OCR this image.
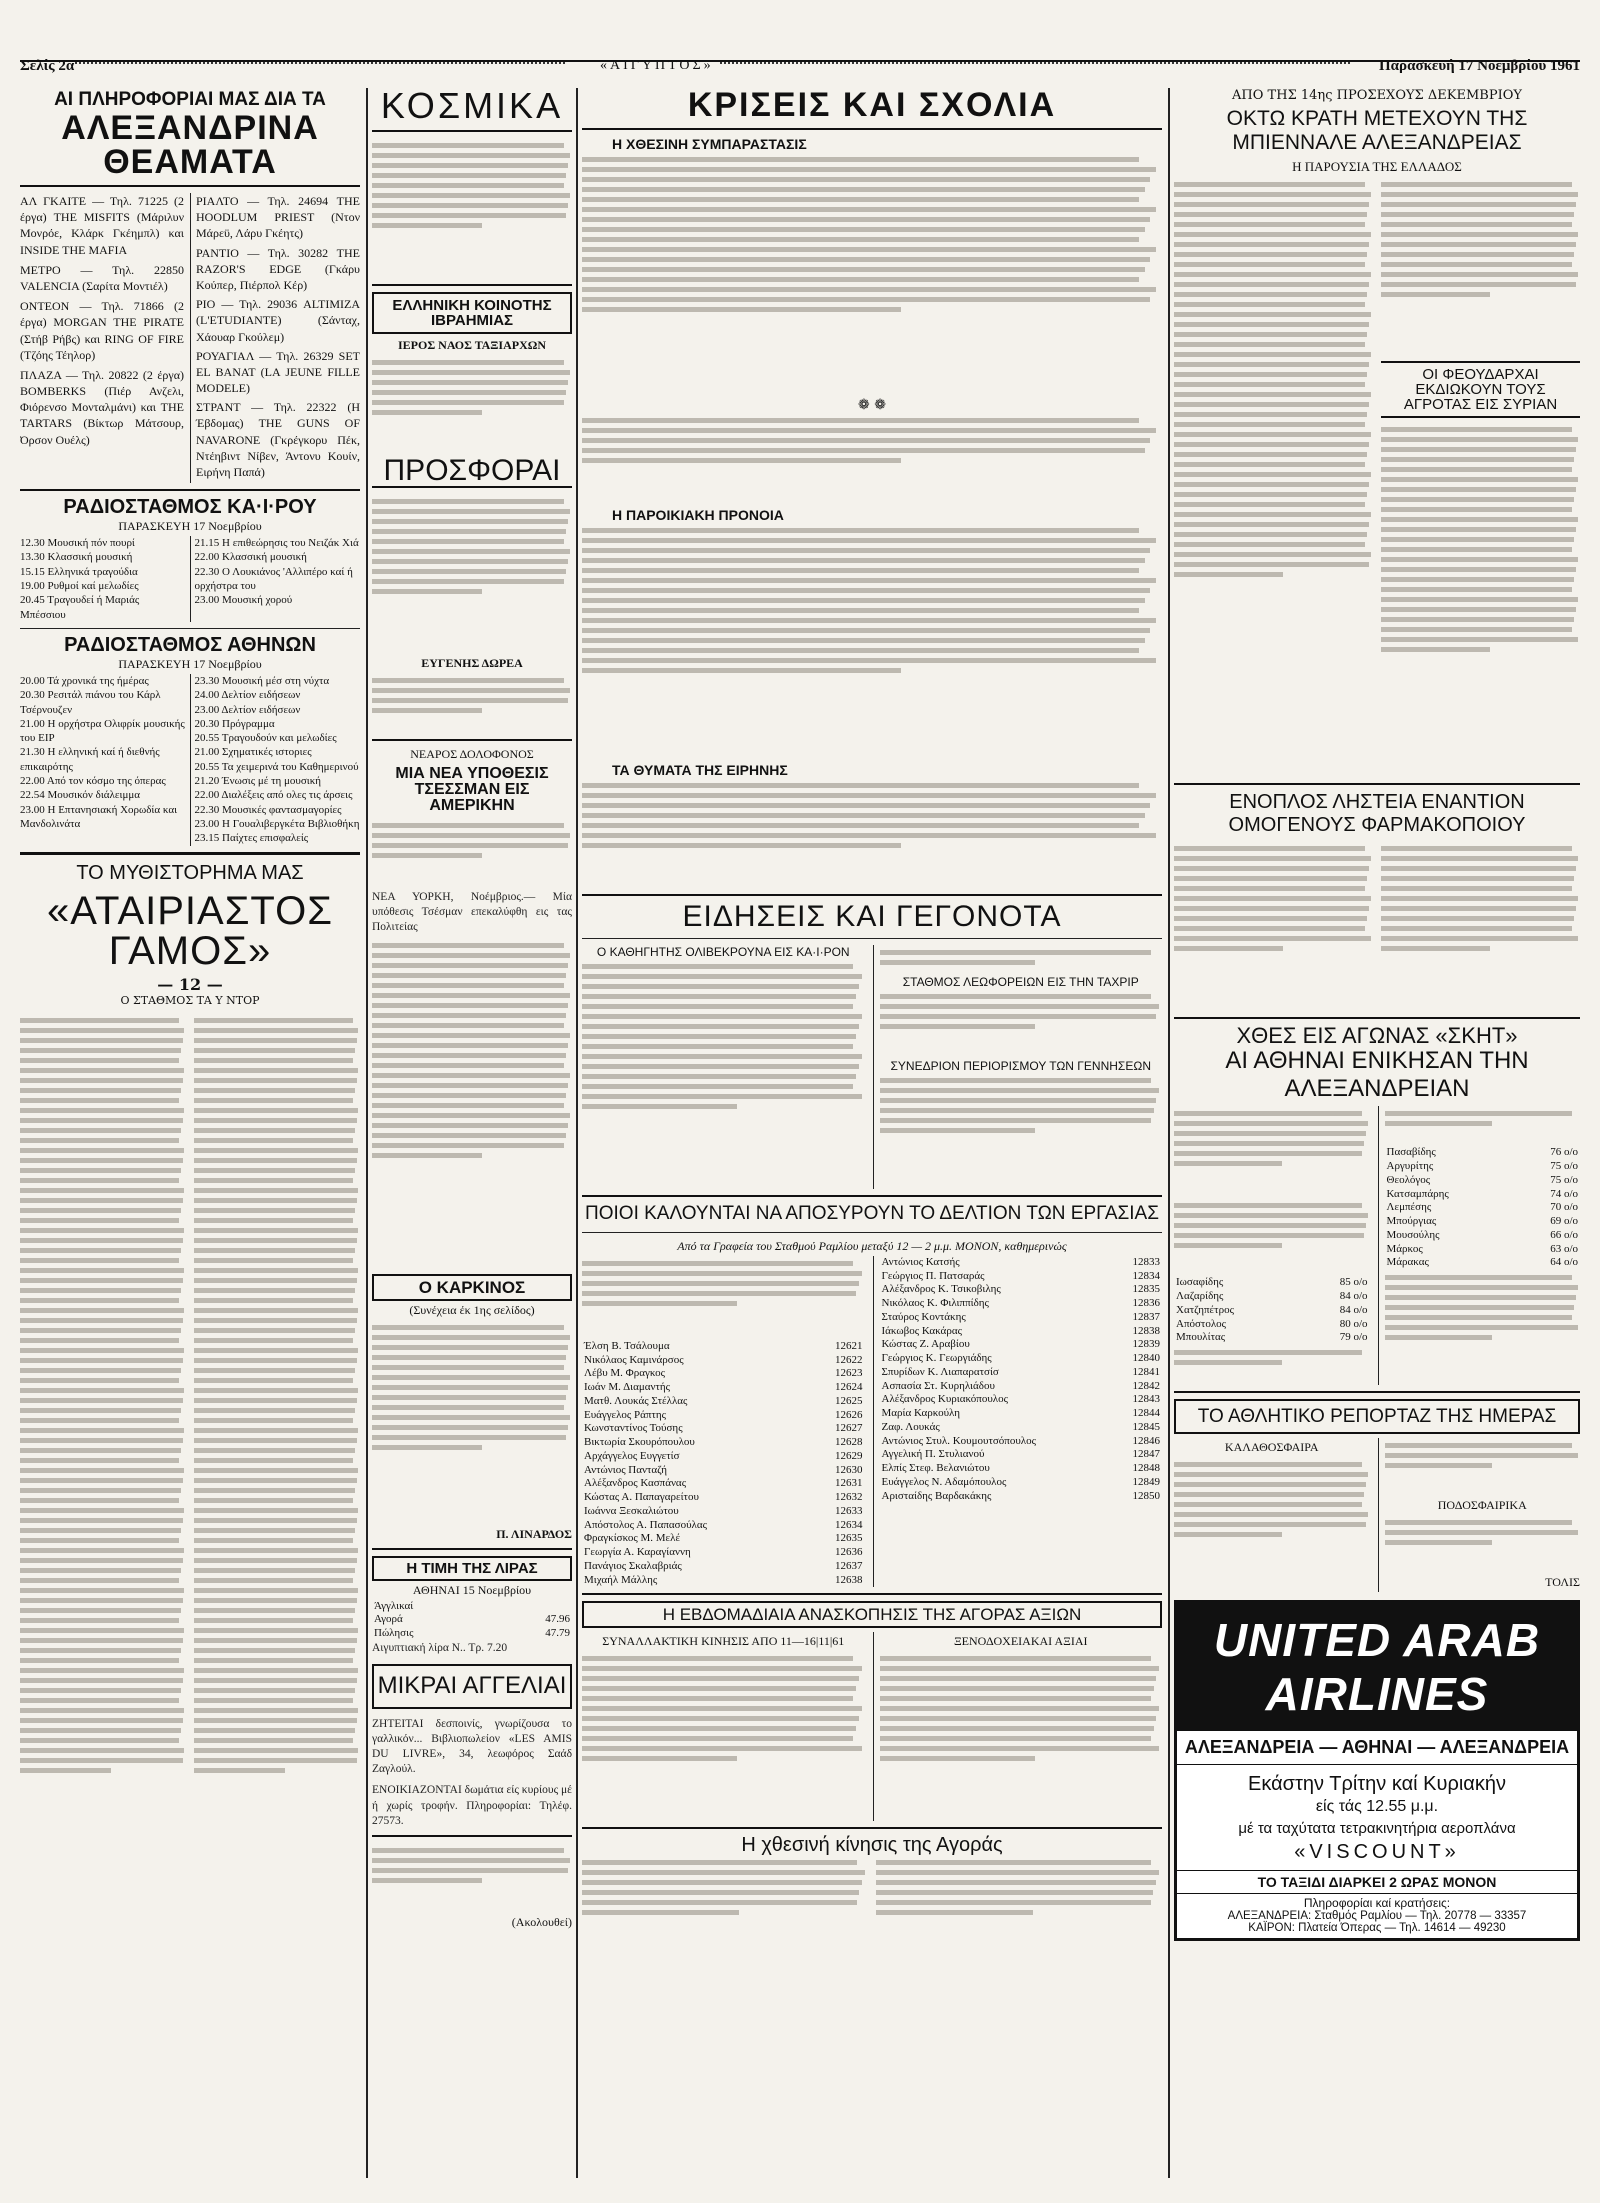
Σελίς 2α	«ΑΙΓΥΠΤΟΣ»	Παρασκευή 17 Νοεμβρίου 1961
ΑΙ ΠΛΗΡΟΦΟΡΙΑΙ ΜΑΣ ΔΙΑ ΤΑ
ΑΛΕΞΑΝΔΡΙΝΑ ΘΕΑΜΑΤΑ

ΑΛ ΓΚΑΙΤΕ — Τηλ. 71225 (2 έργα) THE MISFITS (Μάριλυν Μονρόε, Κλάρκ Γκέημπλ) και INSIDE THE MAFIA

ΜΕΤΡΟ — Τηλ. 22850 VALENCIA (Σαρίτα Μοντιέλ)

ΟΝΤΕΟΝ — Τηλ. 71866 (2 έργα) MORGAN THE PIRATE (Στήβ Ρήβς) και RING OF FIRE (Τζόης Τέηλορ)

ΠΛΑΖΑ — Τηλ. 20822 (2 έργα) BOMBERKS (Πιέρ Ανζελι, Φιόρενσο Μονταλμάνι) και THE TARTARS (Βίκτωρ Μάτσουρ, Όρσον Ουέλς)

ΡΙΑΛΤΟ — Τηλ. 24694 THE HOODLUM PRIEST (Ντον Μάρεϋ, Λάρυ Γκέητς)

ΡΑΝΤΙΟ — Τηλ. 30282 THE RAZOR'S EDGE (Γκάρυ Κούπερ, Πιέρπολ Κέρ)

ΡΙΟ — Τηλ. 29036 ALTIMIZA (L'ETUDIANTE) (Σάνταχ, Χάουαρ Γκούλεμ)

ΡΟΥΑΓΙΑΛ — Τηλ. 26329 SET EL BANAT (LA JEUNE FILLE MODELE)

ΣΤΡΑΝΤ — Τηλ. 22322 (Η Έβδομας) THE GUNS OF NAVARONE (Γκρέγκορυ Πέκ, Ντέηβιντ Νίβεν, Άντονυ Κουίν, Ειρήνη Παπά)

ΡΑΔΙΟΣΤΑΘΜΟΣ ΚΑ·Ι·ΡΟΥ
ΠΑΡΑΣΚΕΥΗ 17 Νοεμβρίου
12.30 Μουσική πόν πουρί
13.30 Κλασσική μουσική
15.15 Ελληνικά τραγούδια
19.00 Ρυθμοί καί μελωδίες
20.45 Τραγουδεί ή Μαριάς Μπέσσιου
21.15 Η επιθεώρησις του Νειζάκ Χιά
22.00 Κλασσική μουσική
22.30 Ο Λουκιάνος 'Αλλιπέρο καί ή ορχήστρα του
23.00 Μουσική χορού
ΡΑΔΙΟΣΤΑΘΜΟΣ ΑΘΗΝΩΝ
ΠΑΡΑΣΚΕΥΗ 17 Νοεμβρίου
20.00 Τά χρονικά της ήμέρας
20.30 Ρεσιτάλ πιάνου του Κάρλ Τσέρνουζεν
21.00 Η ορχήστρα Ολιφρίκ μουσικής του ΕΙΡ
21.30 Η ελληνική καί ή διεθνής επικαιρότης
22.00 Από τον κόσμο της όπερας
22.54 Μουσικόν διάλειμμα
23.00 Η Επτανησιακή Χορωδία και Μανδολινάτα
23.30 Μουσική μέσ στη νύχτα
24.00 Δελτίον ειδήσεων
23.00 Δελτίον ειδήσεων
20.30 Πρόγραμμα
20.55 Τραγουδούν και μελωδίες
21.00 Σχηματικές ιστοριες
20.55 Τα χειμερινά του Καθημερινού
21.20 Ένωσις μέ τη μουσική
22.00 Διαλέξεις από ολες τις άρσεις
22.30 Μουσικές φαντασμαγορίες
23.00 Η Γουαλιβεργκέτα Βιβλιοθήκη
23.15 Παίχτες επισφαλείς
ΤΟ ΜΥΘΙΣΤΟΡΗΜΑ ΜΑΣ
«ΑΤΑΙΡΙΑΣΤΟΣ ΓΑΜΟΣ»
— 12 —
Ο ΣΤΑΘΜΟΣ ΤΑ Υ ΝΤΟΡ
ΚΟΣΜΙΚΑ
ΕΛΛΗΝΙΚΗ ΚΟΙΝΟΤΗΣ ΙΒΡΑΗΜΙΑΣ
ΙΕΡΟΣ ΝΑΟΣ ΤΑΞΙΑΡΧΩΝ
ΠΡΟΣΦΟΡΑΙ
ΕΥΓΕΝΗΣ ΔΩΡΕΑ
ΝΕΑΡΟΣ ΔΟΛΟΦΟΝΟΣ
ΜΙΑ ΝΕΑ ΥΠΟΘΕΣΙΣ ΤΣΕΣΣΜΑΝ ΕΙΣ ΑΜΕΡΙΚΗΝ
ΝΕΑ ΥΟΡΚΗ, Νοέμβριος.— Μία υπόθεσις Τσέσμαν επεκαλύφθη εις τας Πολιτείας
Ο ΚΑΡΚΙΝΟΣ
(Συνέχεια έκ 1ης σελίδος)
Π. ΛΙΝΑΡΔΟΣ
Η ΤΙΜΗ ΤΗΣ ΛΙΡΑΣ
ΑΘΗΝΑΙ 15 Νοεμβρίου
Άγγλικαί	
Αγορά	47.96
Πώλησις	47.79
Αιγυπτιακή λίρα Ν.. Τρ. 7.20
ΜΙΚΡΑΙ ΑΓΓΕΛΙΑΙ
ΖΗΤΕΙΤΑΙ δεσποινίς, γνωρίζουσα το γαλλικόν... Βιβλιοπωλείον «LES AMIS DU LIVRE», 34, λεωφόρος Σαάδ Ζαγλούλ.
ΕΝΟΙΚΙΑΖΟΝΤΑΙ δωμάτια είς κυρίους μέ ή χωρίς τροφήν. Πληροφορίαι: Τηλέφ. 27573.
(Ακολουθεί)
ΚΡΙΣΕΙΣ ΚΑΙ ΣΧΟΛΙΑ
Η ΧΘΕΣΙΝΗ ΣΥΜΠΑΡΑΣΤΑΣΙΣ
❁ ❁
Η ΠΑΡΟΙΚΙΑΚΗ ΠΡΟΝΟΙΑ
ΤΑ ΘΥΜΑΤΑ ΤΗΣ ΕΙΡΗΝΗΣ
ΕΙΔΗΣΕΙΣ ΚΑΙ ΓΕΓΟΝΟΤΑ
Ο ΚΑΘΗΓΗΤΗΣ ΟΛΙΒΕΚΡΟΥΝΑ ΕΙΣ ΚΑ·Ι·ΡΟΝ
ΣΤΑΘΜΟΣ ΛΕΩΦΟΡΕΙΩΝ ΕΙΣ ΤΗΝ ΤΑΧΡΙΡ
ΣΥΝΕΔΡΙΟΝ ΠΕΡΙΟΡΙΣΜΟΥ ΤΩΝ ΓΕΝΝΗΣΕΩΝ
ΠΟΙΟΙ ΚΑΛΟΥΝΤΑΙ ΝΑ ΑΠΟΣΥΡΟΥΝ ΤΟ ΔΕΛΤΙΟΝ ΤΩΝ ΕΡΓΑΣΙΑΣ
Από τα Γραφεία του Σταθμού Ραμλίου μεταξύ 12 — 2 μ.μ. ΜΟΝΟΝ, καθημερινώς
Έλση Β. Τσάλουμα	12621
Νικόλαος Καμινάρσος	12622
Λέβυ Μ. Φραγκος	12623
Ιωάν Μ. Διαμαντής	12624
Ματθ. Λουκάς Στέλλας	12625
Ευάγγελος Ράπτης	12626
Κωνσταντίνος Τούσης	12627
Βικτωρία Σκουρόπουλου	12628
Αρχάγγελος Ευγγετίσ	12629
Αντώνιος Πανταζή	12630
Αλέξανδρος Κασπάνας	12631
Κώστας Α. Παπαγαρείτου	12632
Ιωάννα Ξεσκαλιώτου	12633
Απόστολος Α. Παπασούλας	12634
Φραγκίσκος Μ. Μελέ	12635
Γεωργία Α. Καραγίαννη	12636
Πανάγιος Σκαλαβριάς	12637
Μιχαήλ Μάλλης	12638
Αντώνιος Κατσής	12833
Γεώργιος Π. Πατσαράς	12834
Αλέξανδρος Κ. Τσικοβιλης	12835
Νικόλαος Κ. Φιλιππίδης	12836
Σταύρος Κοντάκης	12837
Ιάκωβος Κακάρας	12838
Κώστας Ζ. Αραβίου	12839
Γεώργιος Κ. Γεωργιάδης	12840
Σπυρίδων Κ. Λιαπαρατσίσ	12841
Ασπασία Στ. Κυρηλιάδου	12842
Αλέξανδρος Κυριακόπουλος	12843
Μαρία Καρκούλη	12844
Ζαφ. Λουκάς	12845
Αντώνιος Στυλ. Κουμουτσόπουλος	12846
Αγγελική Π. Στυλιανού	12847
Ελπίς Στεφ. Βελανιώτου	12848
Ευάγγελος Ν. Αδαμόπουλος	12849
Αρισταίδης Βαρδακάκης	12850
Η ΕΒΔΟΜΑΔΙΑΙΑ ΑΝΑΣΚΟΠΗΣΙΣ ΤΗΣ ΑΓΟΡΑΣ ΑΞΙΩΝ
ΣΥΝΑΛΛΑΚΤΙΚΗ ΚΙΝΗΣΙΣ ΑΠΟ 11—16|11|61	ΞΕΝΟΔΟΧΕΙΑΚΑΙ ΑΞΙΑΙ
Η χθεσινή κίνησις της Αγοράς
ΑΠΟ ΤΗΣ 14ης ΠΡΟΣΕΧΟΥΣ ΔΕΚΕΜΒΡΙΟΥ
ΟΚΤΩ ΚΡΑΤΗ ΜΕΤΕΧΟΥΝ ΤΗΣ ΜΠΙΕΝΝΑΛΕ ΑΛΕΞΑΝΔΡΕΙΑΣ
Η ΠΑΡΟΥΣΙΑ ΤΗΣ ΕΛΛΑΔΟΣ
ΟΙ ΦΕΟΥΔΑΡΧΑΙ ΕΚΔΙΩΚΟΥΝ ΤΟΥΣ ΑΓΡΟΤΑΣ ΕΙΣ ΣΥΡΙΑΝ
ΕΝΟΠΛΟΣ ΛΗΣΤΕΙΑ ΕΝΑΝΤΙΟΝ ΟΜΟΓΕΝΟΥΣ ΦΑΡΜΑΚΟΠΟΙΟΥ
ΧΘΕΣ ΕΙΣ ΑΓΩΝΑΣ «ΣΚΗΤ»
ΑΙ ΑΘΗΝΑΙ ΕΝΙΚΗΣΑΝ ΤΗΝ ΑΛΕΞΑΝΔΡΕΙΑΝ
Ιωσαφίδης	85 ο/ο
Λαζαρίδης	84 ο/ο
Χατζηπέτρος	84 ο/ο
Απόστολος	80 ο/ο
Μπουλίτας	79 ο/ο
Πασαβίδης	76 ο/ο
Αργυρίτης	75 ο/ο
Θεολόγος	75 ο/ο
Κατσαμπάρης	74 ο/ο
Λεμπέσης	70 ο/ο
Μπούργιας	69 ο/ο
Μουσούλης	66 ο/ο
Μάρκος	63 ο/ο
Μάρακας	64 ο/ο
ΤΟ ΑΘΛΗΤΙΚΟ ΡΕΠΟΡΤΑΖ ΤΗΣ ΗΜΕΡΑΣ
ΚΑΛΑΘΟΣΦΑΙΡΑ
ΠΟΔΟΣΦΑΙΡΙΚΑ
ΤΟΛΙΣ
UNITED ARAB AIRLINES
ΑΛΕΞΑΝΔΡΕΙΑ — ΑΘΗΝΑΙ — ΑΛΕΞΑΝΔΡΕΙΑ
Εκάστην Τρίτην καί Κυριακήν
είς τάς 12.55 μ.μ.
μέ τα ταχύτατα τετρακινητήρια αεροπλάνα
«VISCOUNT»
ΤΟ ΤΑΞΙΔΙ ΔΙΑΡΚΕΙ 2 ΩΡΑΣ ΜΟΝΟΝ
Πληροφορίαι καί κρατήσεις:
ΑΛΕΞΑΝΔΡΕΙΑ: Σταθμός Ραμλίου — Τηλ. 20778 — 33357
ΚΑΪΡΟΝ: Πλατεία Όπερας — Τηλ. 14614 — 49230
